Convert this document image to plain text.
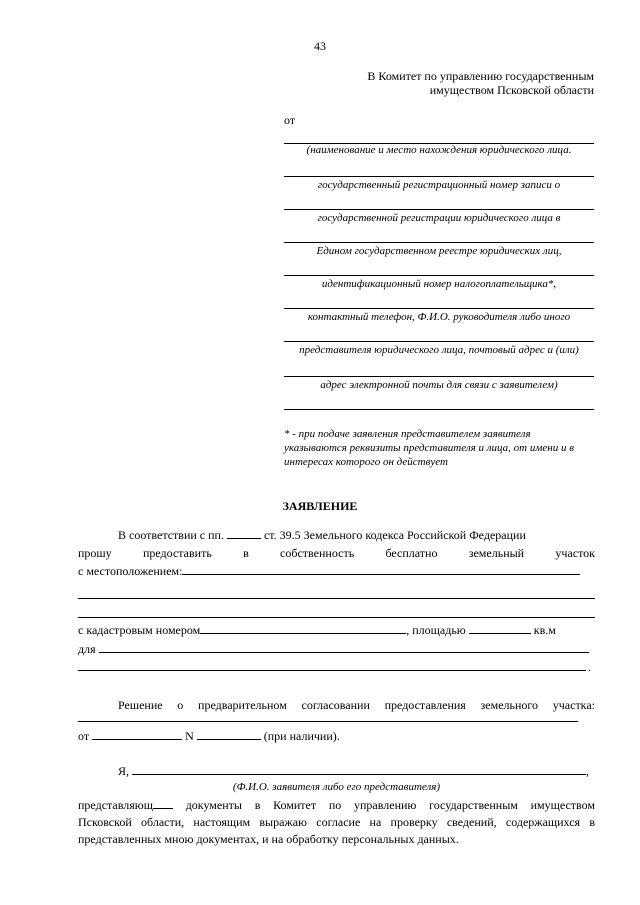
43
В Комитет по управлению государственным
имуществом Псковской области
от
(наименование и место нахождения юридического лица.
государственный регистрационный номер записи о
государственной регистрации юридического лица в
Едином государственном реестре юридических лиц,
идентификационный номер налогоплательщика*,
контактный телефон, Ф.И.О. руководителя либо иного
представителя юридического лица, почтовый адрес и (или)
адрес электронной почты для связи с заявителем)
* - при подаче заявления представителем заявителя указываются реквизиты представителя и лица, от имени и в интересах которого он действует
ЗАЯВЛЕНИЕ
В соответствии с пп.	ст. 39.5 Земельного кодекса Российской Федерации
прошу предоставить в собственность бесплатно земельный участок
с местоположением:
с кадастровым номером	, площадью	кв.м
для
.
Решение о предварительном согласовании предоставления земельного участка:
от	N	(при наличии).
Я,	,
(Ф.И.О. заявителя либо его представителя)
представляющ	документы в Комитет по управлению государственным имуществом
Псковской области, настоящим выражаю согласие на проверку сведений, содержащихся в
представленных мною документах, и на обработку персональных данных.
